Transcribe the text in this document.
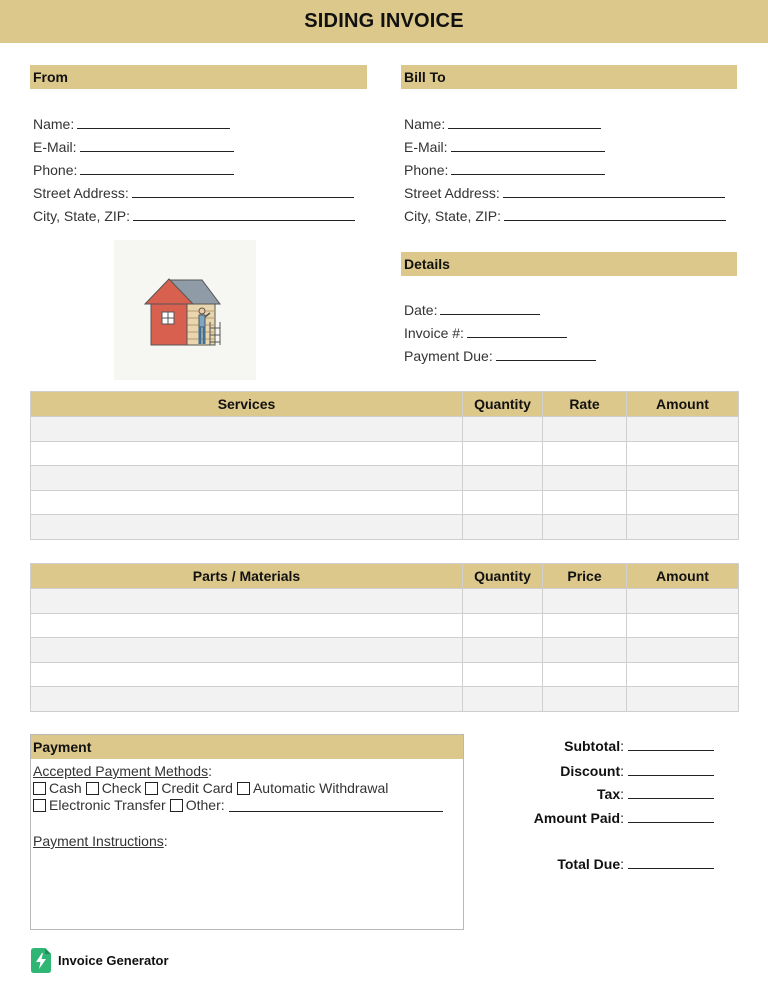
SIDING INVOICE
From
Name:
E-Mail:
Phone:
Street Address:
City, State, ZIP:
Bill To
Name:
E-Mail:
Phone:
Street Address:
City, State, ZIP:
Details
Date:
Invoice #:
Payment Due:
Services	Quantity	Rate	Amount

Parts / Materials	Quantity	Price	Amount

Payment
Accepted Payment Methods:
Cash Check Credit Card Automatic Withdrawal
Electronic Transfer Other:
Payment Instructions:
Subtotal :
Discount :
Tax :
Amount Paid :
Total Due :
Invoice Generator
